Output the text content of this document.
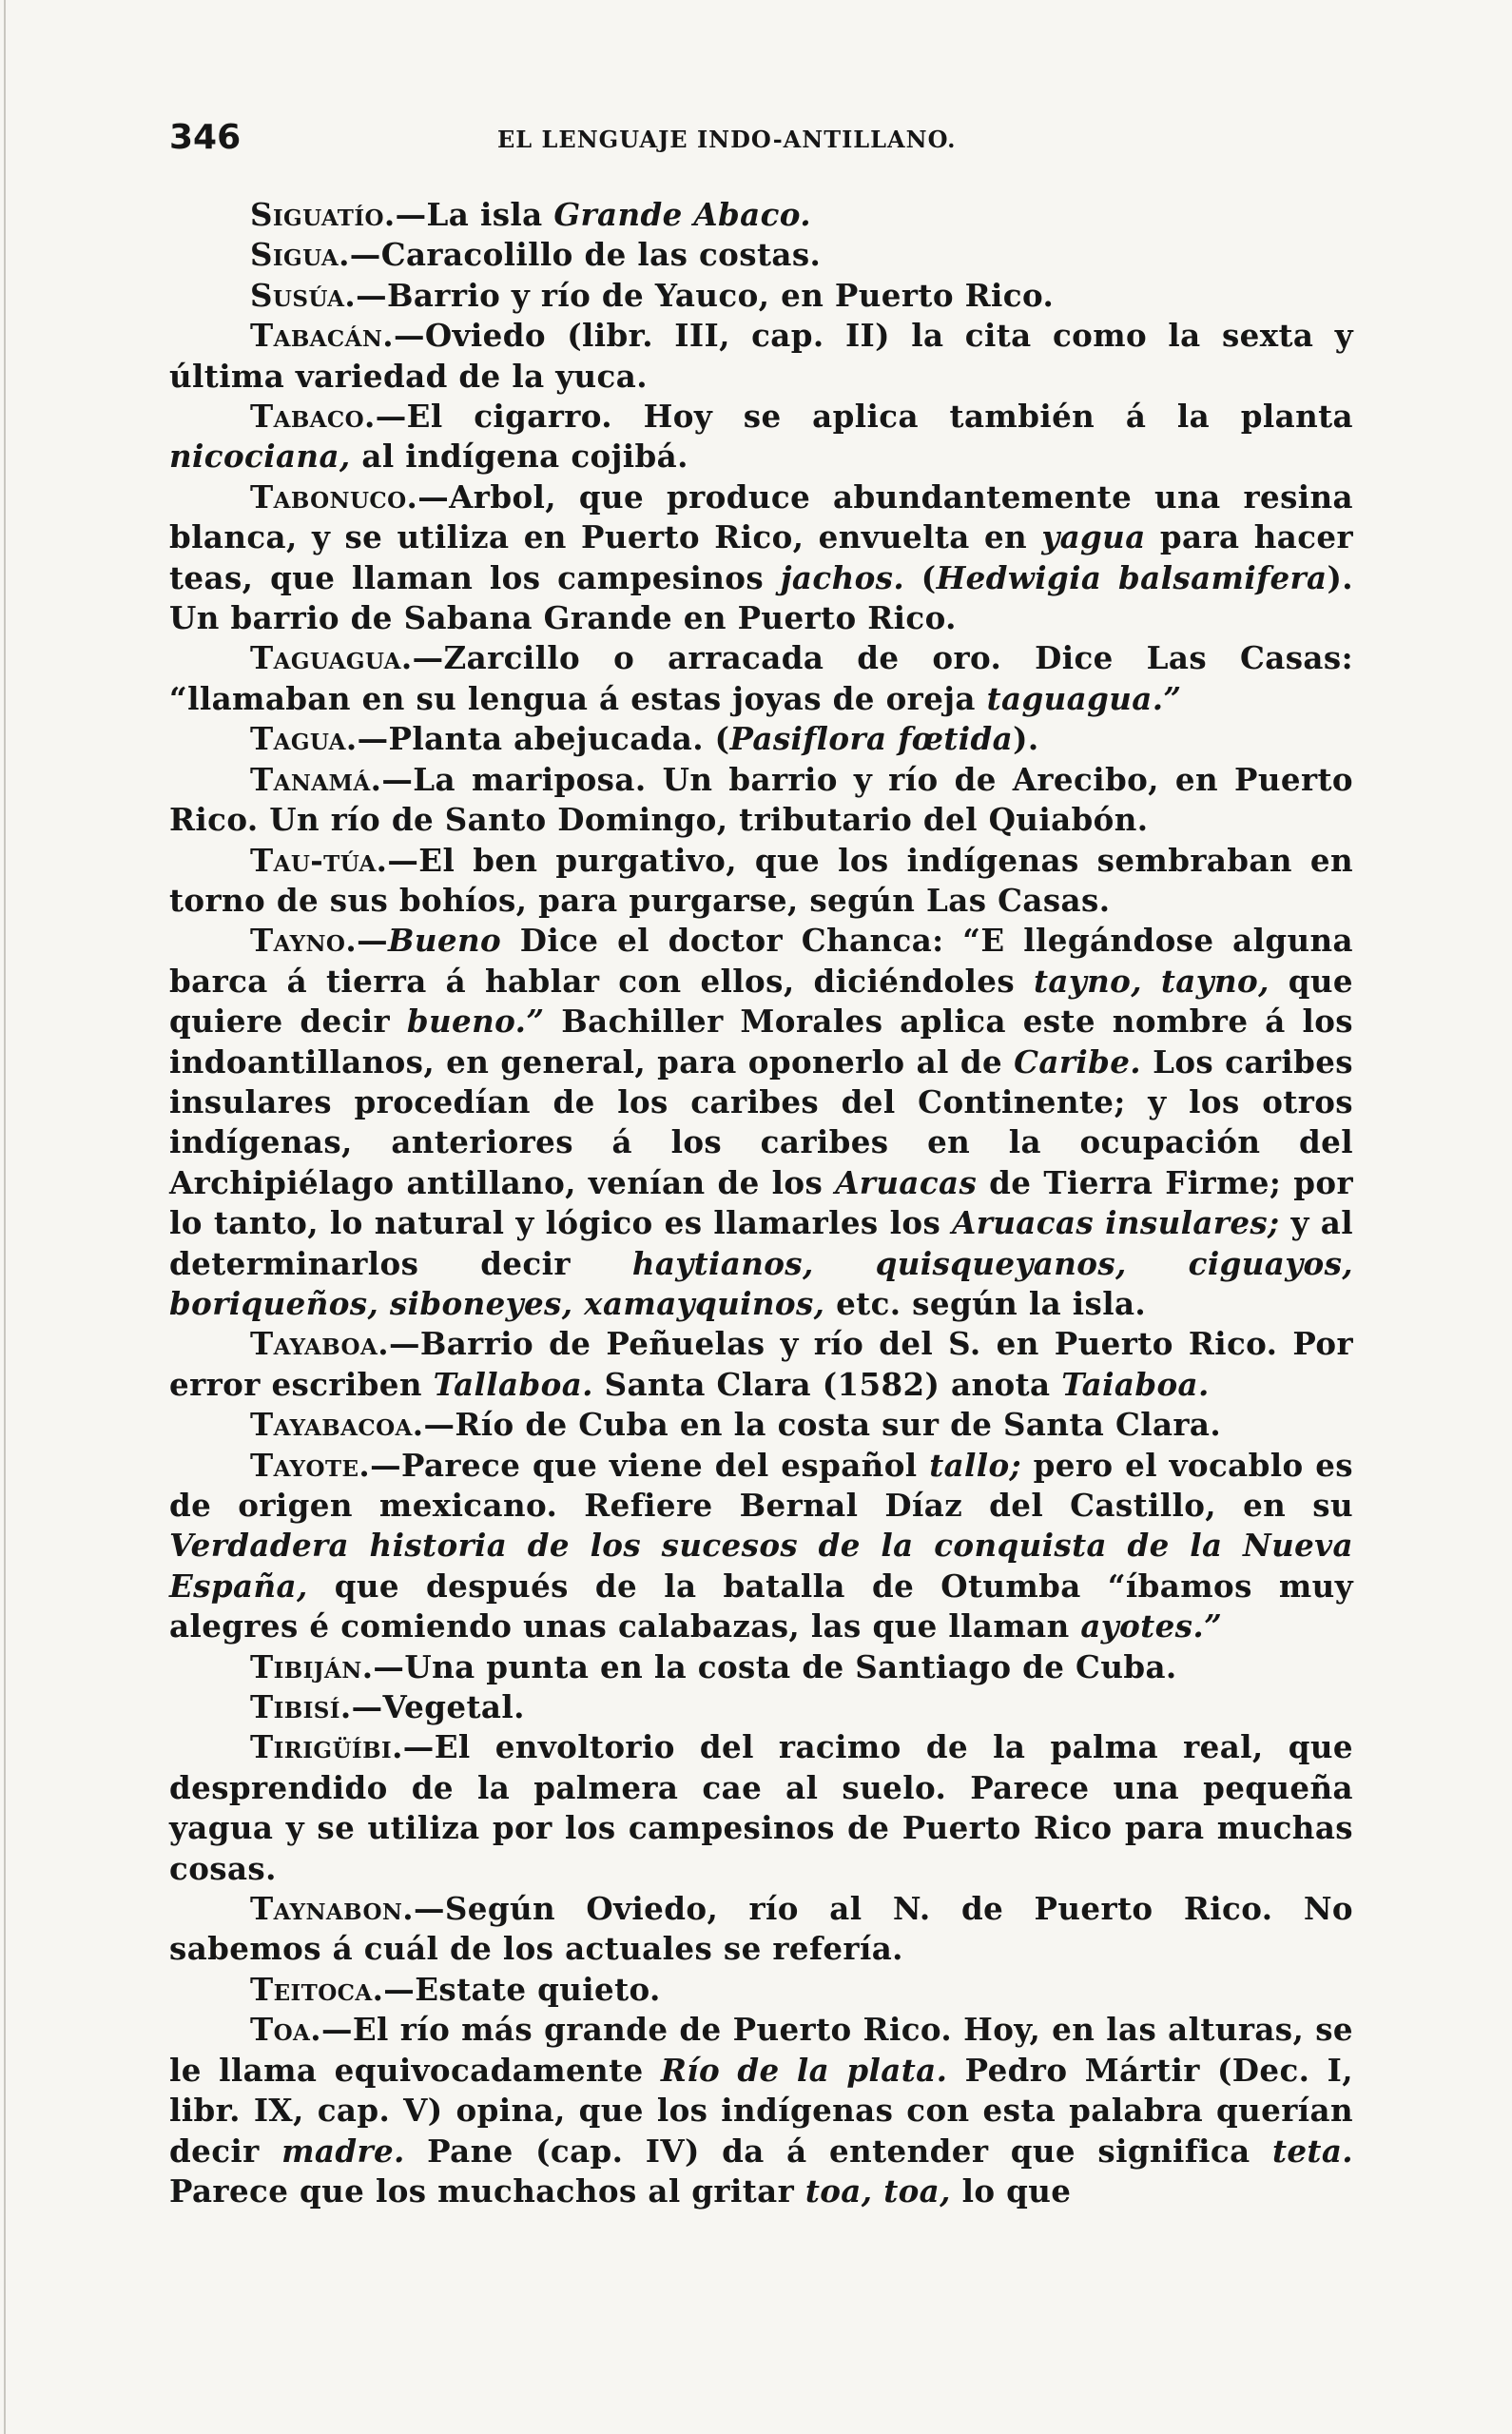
346	EL LENGUAJE INDO-ANTILLANO.

Siguatío.—La isla Grande Abaco.

Sigua.—Caracolillo de las costas.

Susúa.—Barrio y río de Yauco, en Puerto Rico.

Tabacán.—Oviedo (libr. III, cap. II) la cita como la sexta y última variedad de la yuca.

Tabaco.—El cigarro. Hoy se aplica también á la planta nicociana, al indígena cojibá.

Tabonuco.—Arbol, que produce abundantemente una resina blanca, y se utiliza en Puerto Rico, envuelta en yagua para hacer teas, que llaman los campesinos jachos. (Hedwigia balsamifera). Un barrio de Sabana Grande en Puerto Rico.

Taguagua.—Zarcillo o arracada de oro. Dice Las Casas: “llamaban en su lengua á estas joyas de oreja taguagua.”

Tagua.—Planta abejucada. (Pasiflora fœtida).

Tanamá.—La mariposa. Un barrio y río de Arecibo, en Puerto Rico. Un río de Santo Domingo, tributario del Quiabón.

Tau-túa.—El ben purgativo, que los indígenas sembraban en torno de sus bohíos, para purgarse, según Las Casas.

Tayno.—Bueno Dice el doctor Chanca: “E llegándose alguna barca á tierra á hablar con ellos, diciéndoles tayno, tayno, que quiere decir bueno.” Bachiller Morales aplica este nombre á los indoantillanos, en general, para oponerlo al de Caribe. Los caribes insulares procedían de los caribes del Continente; y los otros indígenas, anteriores á los caribes en la ocupación del Archipiélago antillano, venían de los Aruacas de Tierra Firme; por lo tanto, lo natural y lógico es llamarles los Aruacas insulares; y al determinarlos decir haytianos, quisqueyanos, ciguayos, boriqueños, siboneyes, xamayquinos, etc. según la isla.

Tayaboa.—Barrio de Peñuelas y río del S. en Puerto Rico. Por error escriben Tallaboa. Santa Clara (1582) anota Taiaboa.

Tayabacoa.—Río de Cuba en la costa sur de Santa Clara.

Tayote.—Parece que viene del español tallo; pero el vocablo es de origen mexicano. Refiere Bernal Díaz del Castillo, en su Verdadera historia de los sucesos de la conquista de la Nueva España, que después de la batalla de Otumba “íbamos muy alegres é comiendo unas calabazas, las que llaman ayotes.”

Tibiján.—Una punta en la costa de Santiago de Cuba.

Tibisí.—Vegetal.

Tirigüíbi.—El envoltorio del racimo de la palma real, que desprendido de la palmera cae al suelo. Parece una pequeña yagua y se utiliza por los campesinos de Puerto Rico para muchas cosas.

Taynabon.—Según Oviedo, río al N. de Puerto Rico. No sabemos á cuál de los actuales se refería.

Teitoca.—Estate quieto.

Toa.—El río más grande de Puerto Rico. Hoy, en las alturas, se le llama equivocadamente Río de la plata. Pedro Mártir (Dec. I, libr. IX, cap. V) opina, que los indígenas con esta palabra querían decir madre. Pane (cap. IV) da á entender que significa teta. Parece que los muchachos al gritar toa, toa, lo que
